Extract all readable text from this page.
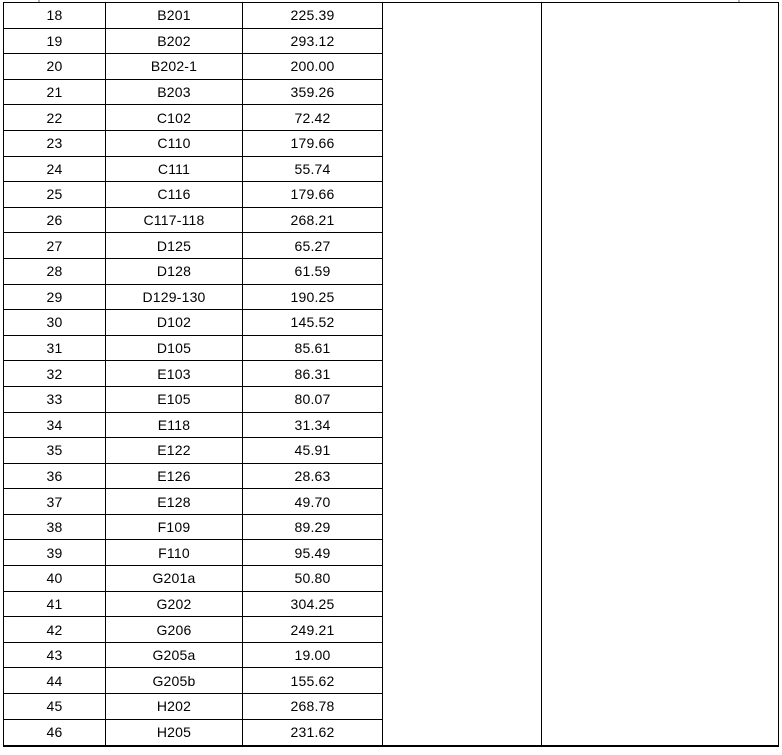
18	B201	225.39		
19	B202	293.12		
20	B202-1	200.00		
21	B203	359.26		
22	C102	72.42		
23	C110	179.66		
24	C111	55.74		
25	C116	179.66		
26	C117-118	268.21		
27	D125	65.27		
28	D128	61.59		
29	D129-130	190.25		
30	D102	145.52		
31	D105	85.61		
32	E103	86.31		
33	E105	80.07		
34	E118	31.34		
35	E122	45.91		
36	E126	28.63		
37	E128	49.70		
38	F109	89.29		
39	F110	95.49		
40	G201a	50.80		
41	G202	304.25		
42	G206	249.21		
43	G205a	19.00		
44	G205b	155.62		
45	H202	268.78		
46	H205	231.62		
